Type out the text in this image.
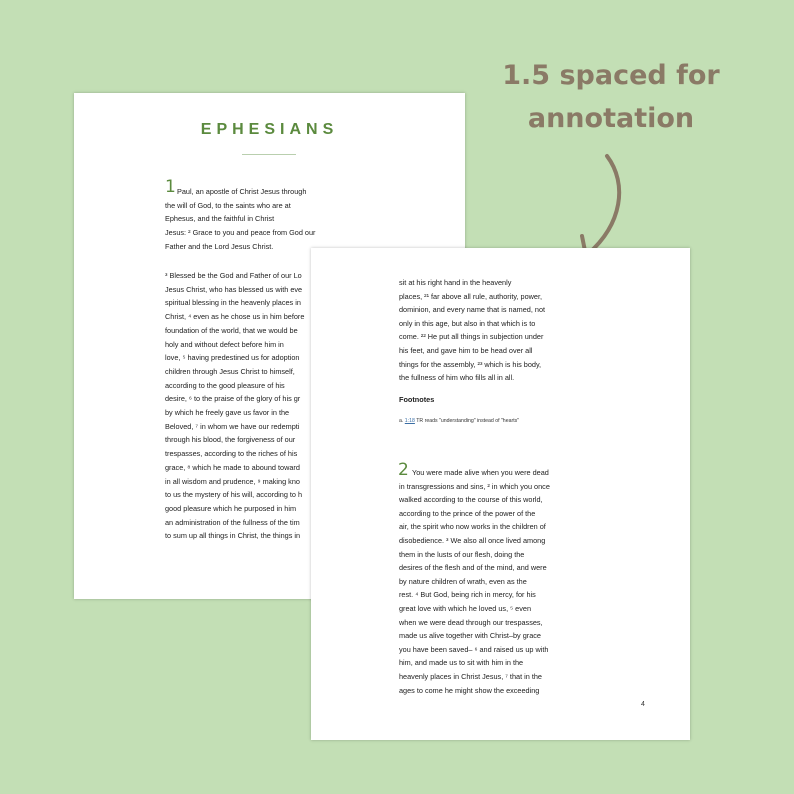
1.5 spaced for
annotation
EPHESIANS
1 Paul, an apostle of Christ Jesus through
the will of God, to the saints who are at
Ephesus, and the faithful in Christ
Jesus: ² Grace to you and peace from God our
Father and the Lord Jesus Christ.
³ Blessed be the God and Father of our Lo
Jesus Christ, who has blessed us with eve
spiritual blessing in the heavenly places in
Christ, ⁴ even as he chose us in him before
foundation of the world, that we would be
holy and without defect before him in
love, ⁵ having predestined us for adoption
children through Jesus Christ to himself,
according to the good pleasure of his
desire, ⁶ to the praise of the glory of his gr
by which he freely gave us favor in the
Beloved, ⁷ in whom we have our redempti
through his blood, the forgiveness of our
trespasses, according to the riches of his
grace, ⁸ which he made to abound toward
in all wisdom and prudence, ⁹ making kno
to us the mystery of his will, according to h
good pleasure which he purposed in him
an administration of the fullness of the tim
to sum up all things in Christ, the things in
sit at his right hand in the heavenly
places, ²¹ far above all rule, authority, power,
dominion, and every name that is named, not
only in this age, but also in that which is to
come. ²² He put all things in subjection under
his feet, and gave him to be head over all
things for the assembly, ²³ which is his body,
the fullness of him who fills all in all.
Footnotes
a. 1:18 TR reads "understanding" instead of "hearts"
2 You were made alive when you were dead
in transgressions and sins, ² in which you once
walked according to the course of this world,
according to the prince of the power of the
air, the spirit who now works in the children of
disobedience. ³ We also all once lived among
them in the lusts of our flesh, doing the
desires of the flesh and of the mind, and were
by nature children of wrath, even as the
rest. ⁴ But God, being rich in mercy, for his
great love with which he loved us, ⁵ even
when we were dead through our trespasses,
made us alive together with Christ–by grace
you have been saved– ⁶ and raised us up with
him, and made us to sit with him in the
heavenly places in Christ Jesus, ⁷ that in the
ages to come he might show the exceeding
4
